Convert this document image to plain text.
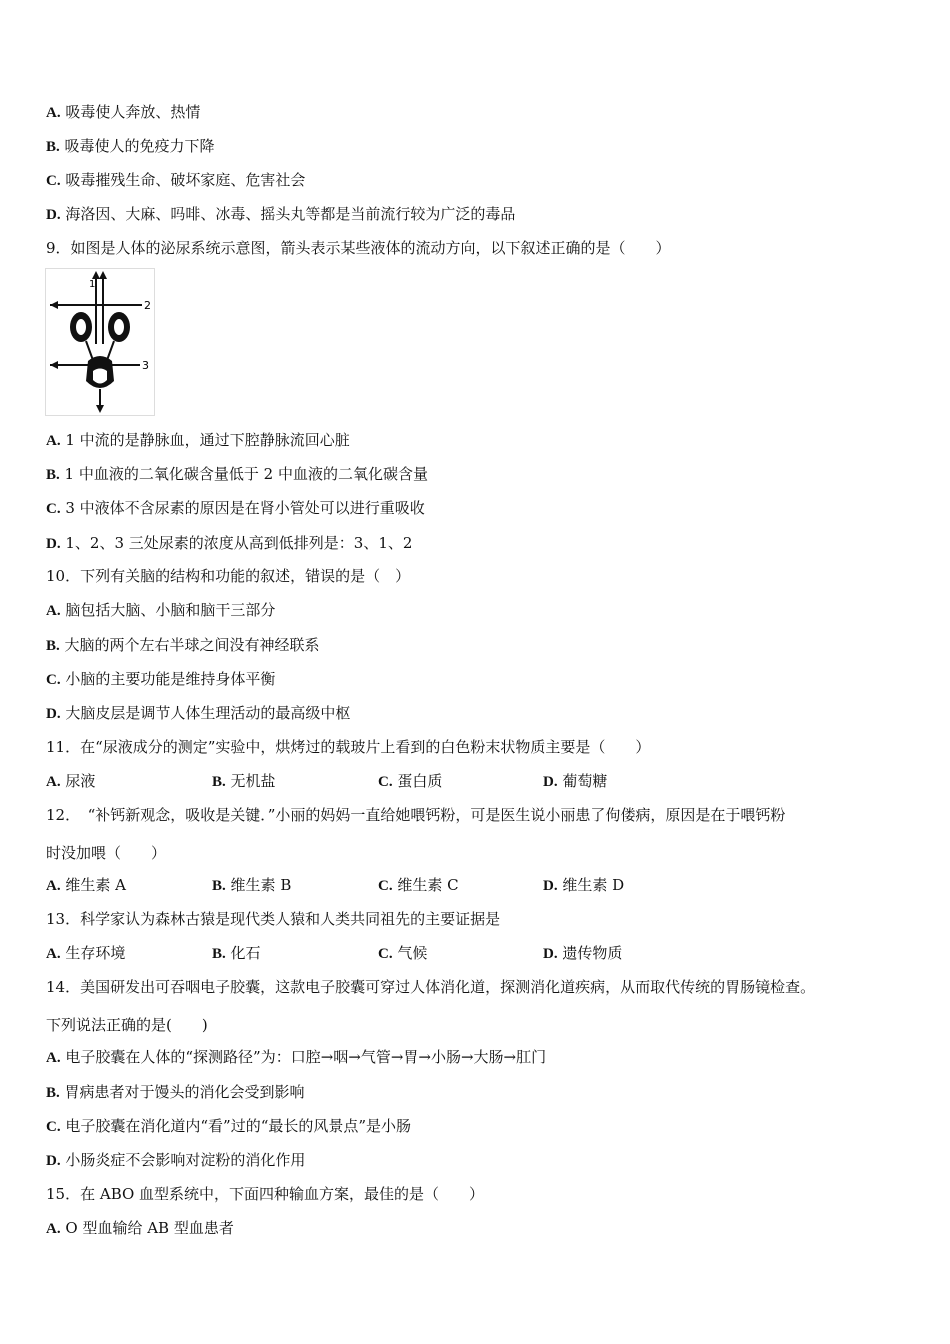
A. 吸毒使人奔放、热情
B. 吸毒使人的免疫力下降
C. 吸毒摧残生命、破坏家庭、危害社会
D. 海洛因、大麻、吗啡、冰毒、摇头丸等都是当前流行较为广泛的毒品
9．如图是人体的泌尿系统示意图，箭头表示某些液体的流动方向，以下叙述正确的是（　　）
2
3
1
A. 1 中流的是静脉血，通过下腔静脉流回心脏
B. 1 中血液的二氧化碳含量低于 2 中血液的二氧化碳含量
C. 3 中液体不含尿素的原因是在肾小管处可以进行重吸收
D. 1、2、3 三处尿素的浓度从高到低排列是：3、1、2
10．下列有关脑的结构和功能的叙述，错误的是（　）
A. 脑包括大脑、小脑和脑干三部分
B. 大脑的两个左右半球之间没有神经联系
C. 小脑的主要功能是维持身体平衡
D. 大脑皮层是调节人体生理活动的最高级中枢
11．在“尿液成分的测定”实验中，烘烤过的载玻片上看到的白色粉末状物质主要是（　　）
A. 尿液	B. 无机盐	C. 蛋白质	D. 葡萄糖
12．　“补钙新观念，吸收是关键．”小丽的妈妈一直给她喂钙粉，可是医生说小丽患了佝偻病，原因是在于喂钙粉
时没加喂（　　）
A. 维生素 A	B. 维生素 B	C. 维生素 C	D. 维生素 D
13．科学家认为森林古猿是现代类人猿和人类共同祖先的主要证据是
A. 生存环境	B. 化石	C. 气候	D. 遗传物质
14．美国研发出可吞咽电子胶囊，这款电子胶囊可穿过人体消化道，探测消化道疾病，从而取代传统的胃肠镜检查。
下列说法正确的是(　　)
A. 电子胶囊在人体的“探测路径”为：口腔→咽→气管→胃→小肠→大肠→肛门
B. 胃病患者对于馒头的消化会受到影响
C. 电子胶囊在消化道内“看”过的“最长的风景点”是小肠
D. 小肠炎症不会影响对淀粉的消化作用
15．在 ABO 血型系统中，下面四种输血方案，最佳的是（　　）
A. O 型血输给 AB 型血患者
